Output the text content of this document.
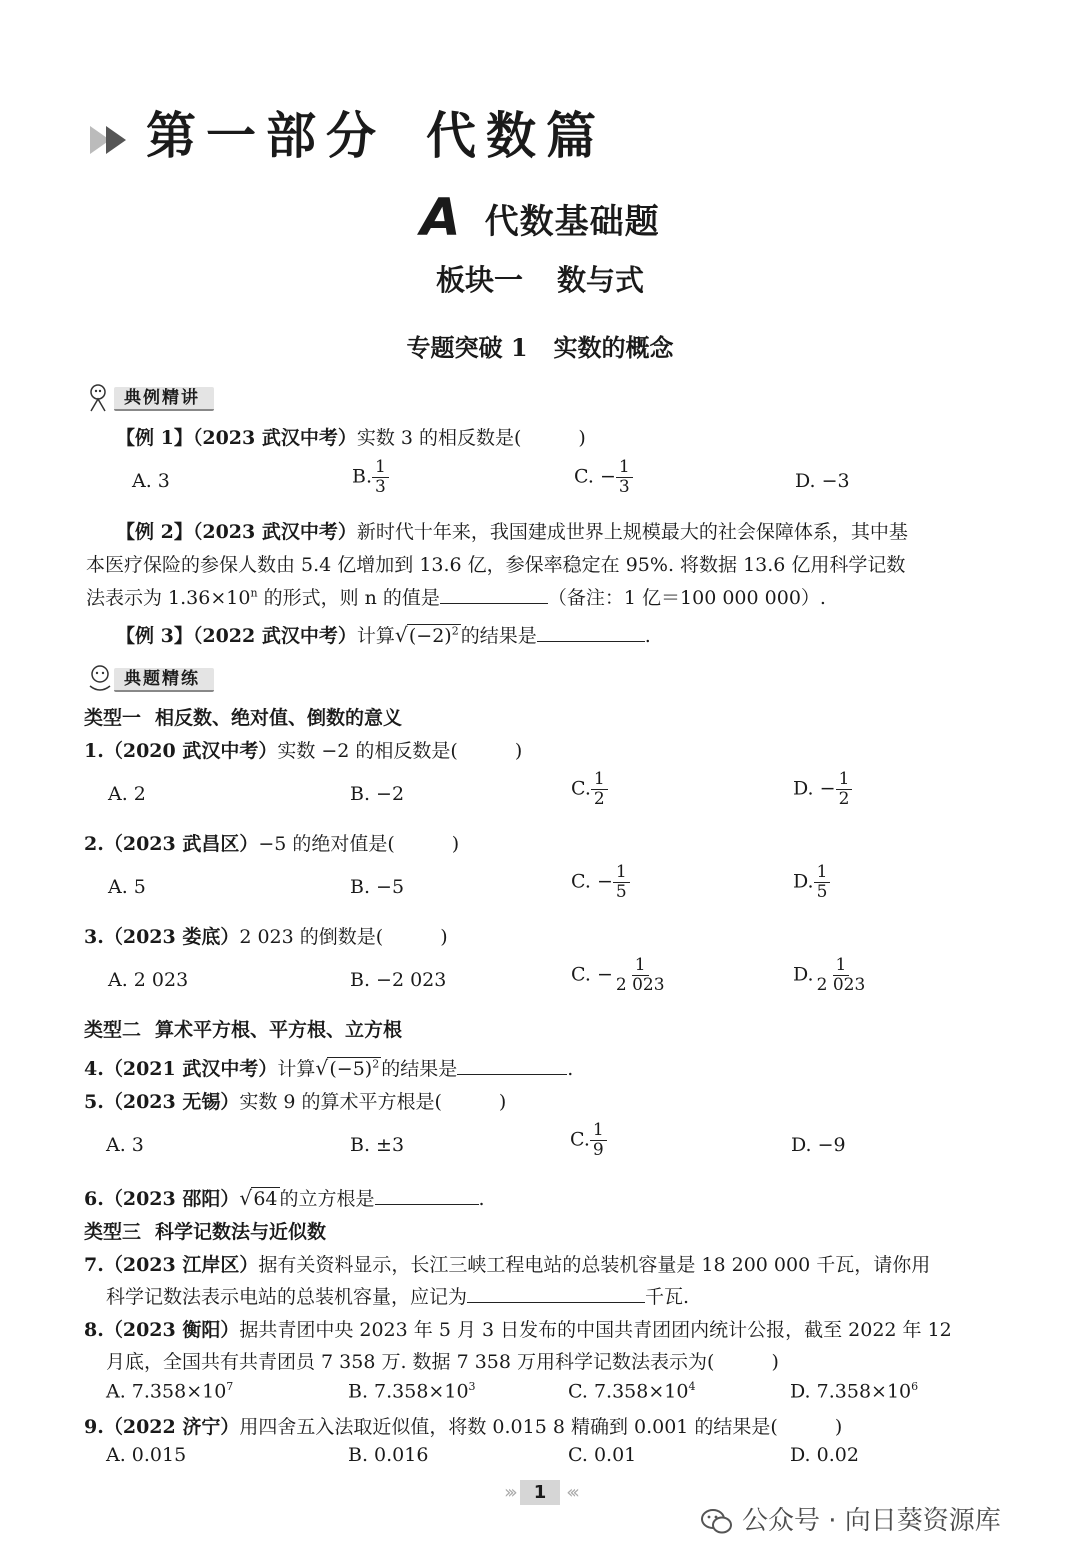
第一部分 代数篇
A代数基础题
板块一 数与式
专题突破 1 实数的概念
典例精讲
【例 1】（2023 武汉中考）实数 3 的相反数是(　　　)
A. 3	B. $\frac{1}{3}$	C. − $\frac{1}{3}$	D. −3
【例 2】（2023 武汉中考）新时代十年来，我国建成世界上规模最大的社会保障体系，其中基
本医疗保险的参保人数由 5.4 亿增加到 13.6 亿，参保率稳定在 95%. 将数据 13.6 亿用科学记数
法表示为 $1.36\times 10^n$ 的形式，则 n 的值是	（备注：1 亿＝100 000 000）.
【例 3】（2022 武汉中考）计算 √ $(-2)^2$ 的结果是	.
典题精练
类型一 相反数、绝对值、倒数的意义
1.（2020 武汉中考）实数 −2 的相反数是(　　　)
A. 2	B. −2	C. $\frac{1}{2}$	D. − $\frac{1}{2}$
2.（2023 武昌区）−5 的绝对值是(　　　)
A. 5	B. −5	C. − $\frac{1}{5}$	D. $\frac{1}{5}$
3.（2023 娄底）2 023 的倒数是(　　　)
A. 2 023	B. −2 023	C. − $\frac{1}{2 023}$	D. $\frac{1}{2 023}$
类型二 算术平方根、平方根、立方根
4.（2021 武汉中考）计算 √ $(-5)^2$ 的结果是	.
5.（2023 无锡）实数 9 的算术平方根是(　　　)
A. 3	B. ±3	C. $\frac{1}{9}$	D. −9
6.（2023 邵阳） √ 64 的立方根是	.
类型三 科学记数法与近似数
7.（2023 江岸区）据有关资料显示，长江三峡工程电站的总装机容量是 18 200 000 千瓦，请你用
科学记数法表示电站的总装机容量，应记为	千瓦.
8.（2023 衡阳）据共青团中央 2023 年 5 月 3 日发布的中国共青团团内统计公报，截至 2022 年 12
月底，全国共有共青团员 7 358 万. 数据 7 358 万用科学记数法表示为(　　　)
A. $7.358\times 10^7$	B. $7.358\times 10^3$	C. $7.358\times 10^4$	D. $7.358\times 10^6$
9.（2022 济宁）用四舍五入法取近似值，将数 0.015 8 精确到 0.001 的结果是(　　　)
A. 0.015	B. 0.016	C. 0.01	D. 0.02
››› 1 ‹‹‹
公众号 · 向日葵资源库
